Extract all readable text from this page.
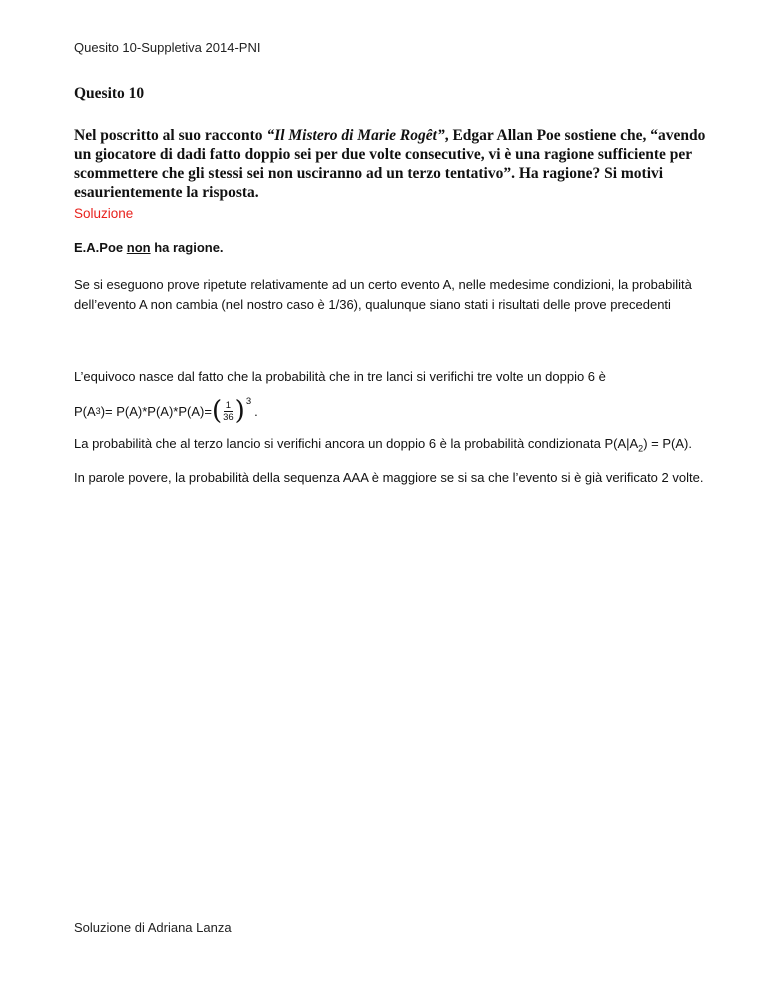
Quesito 10-Suppletiva 2014-PNI
Quesito 10
Nel poscritto al suo racconto “Il Mistero di Marie Rogêt”, Edgar Allan Poe sostiene che, “avendo un giocatore di dadi fatto doppio sei per due volte consecutive, vi è una ragione sufficiente per scommettere che gli stessi sei non usciranno ad un terzo tentativo”. Ha ragione? Si motivi esaurientemente la risposta.
Soluzione
E.A.Poe non ha ragione.
Se si eseguono prove ripetute relativamente ad un certo evento A, nelle medesime condizioni, la probabilità dell’evento A non cambia (nel nostro caso è 1/36), qualunque siano stati i risultati delle prove precedenti
L’equivoco nasce dal fatto che la probabilità che in tre lanci si verifichi tre volte un doppio 6 è
P(A 3 )= P(A)*P(A)*P(A)= ( $\frac{1}{36}$ ) 3
.
La probabilità che al terzo lancio si verifichi ancora un doppio 6 è la probabilità condizionata $P(A|A_2) = P(A)$.
In parole povere, la probabilità della sequenza AAA è maggiore se si sa che l’evento si è già verificato 2 volte.
Soluzione di Adriana Lanza
